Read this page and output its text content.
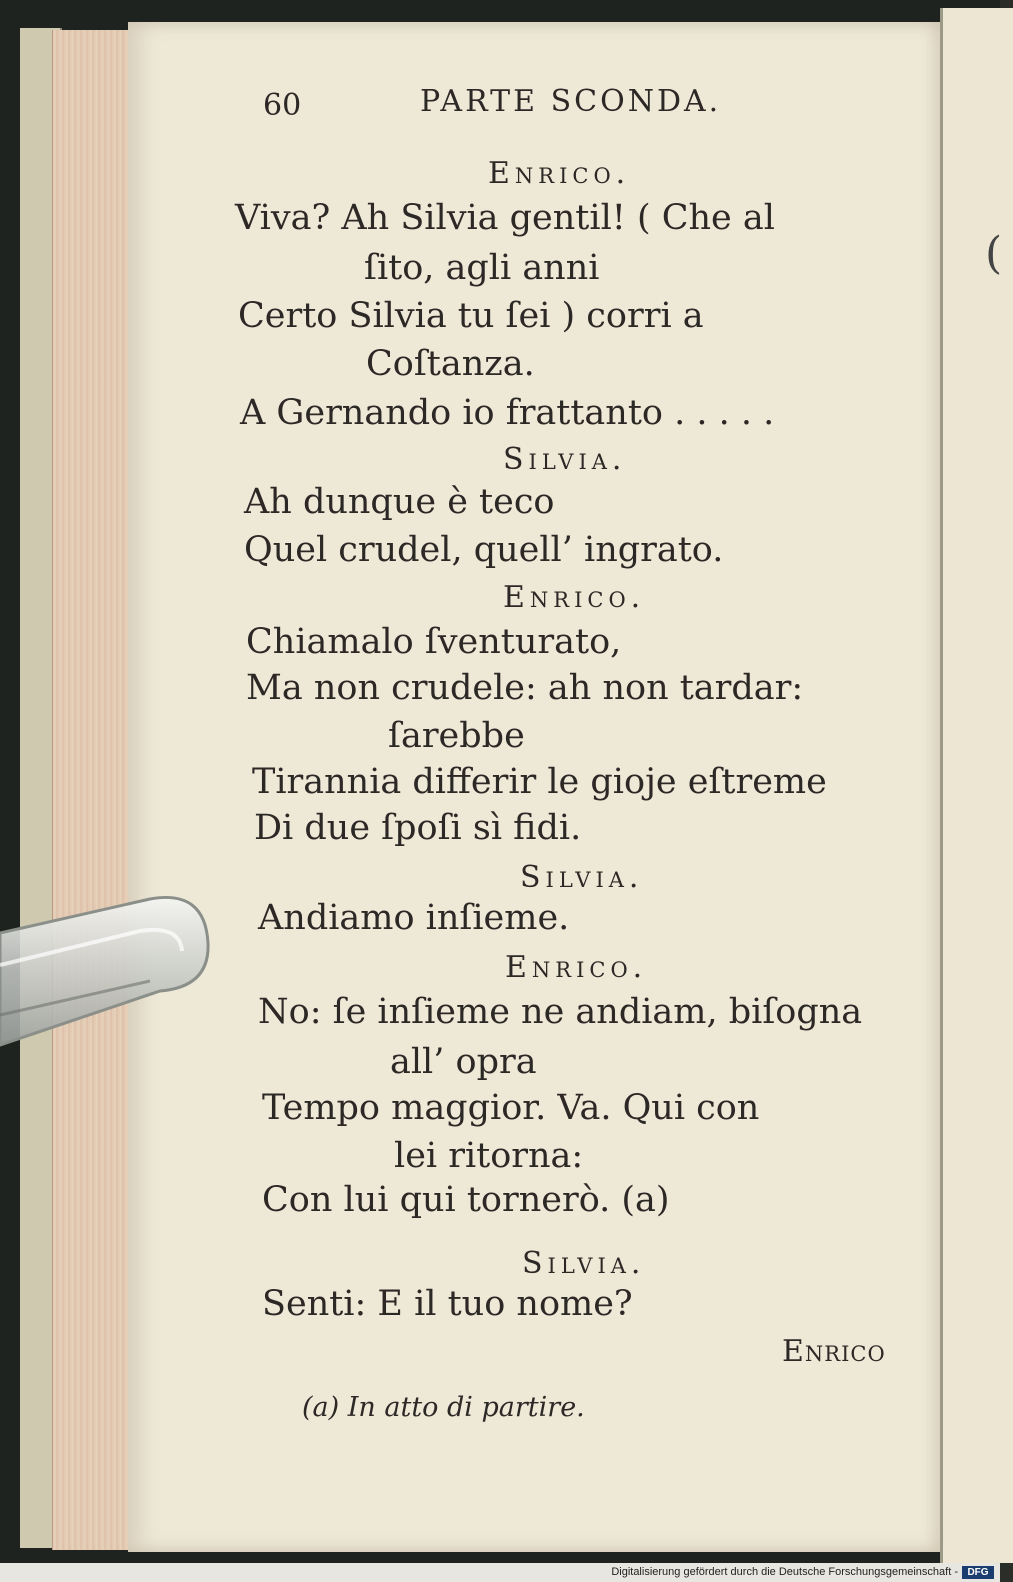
(
60	PARTE SCONDA.
Enrico.
Viva? Ah Silvia gentil! ( Che al
ſito, agli anni
Certo Silvia tu ſei ) corri a
Coſtanza.
A Gernando io frattanto . . . . .
Silvia.
Ah dunque è teco
Quel crudel, quell’ ingrato.
Enrico.
Chiamalo ſventurato,
Ma non crudele: ah non tardar:
ſarebbe
Tirannia differir le gioje eſtreme
Di due ſpoſi sì fidi.
Silvia.
Andiamo inſieme.
Enrico.
No: ſe inſieme ne andiam, biſogna
all’ opra
Tempo maggior. Va. Qui con
lei ritorna:
Con lui qui tornerò. (a)
Silvia.
Senti: E il tuo nome?
Enrico
(a) In atto di partire.
Digitalisierung gefördert durch die Deutsche Forschungsgemeinschaft - DFG
